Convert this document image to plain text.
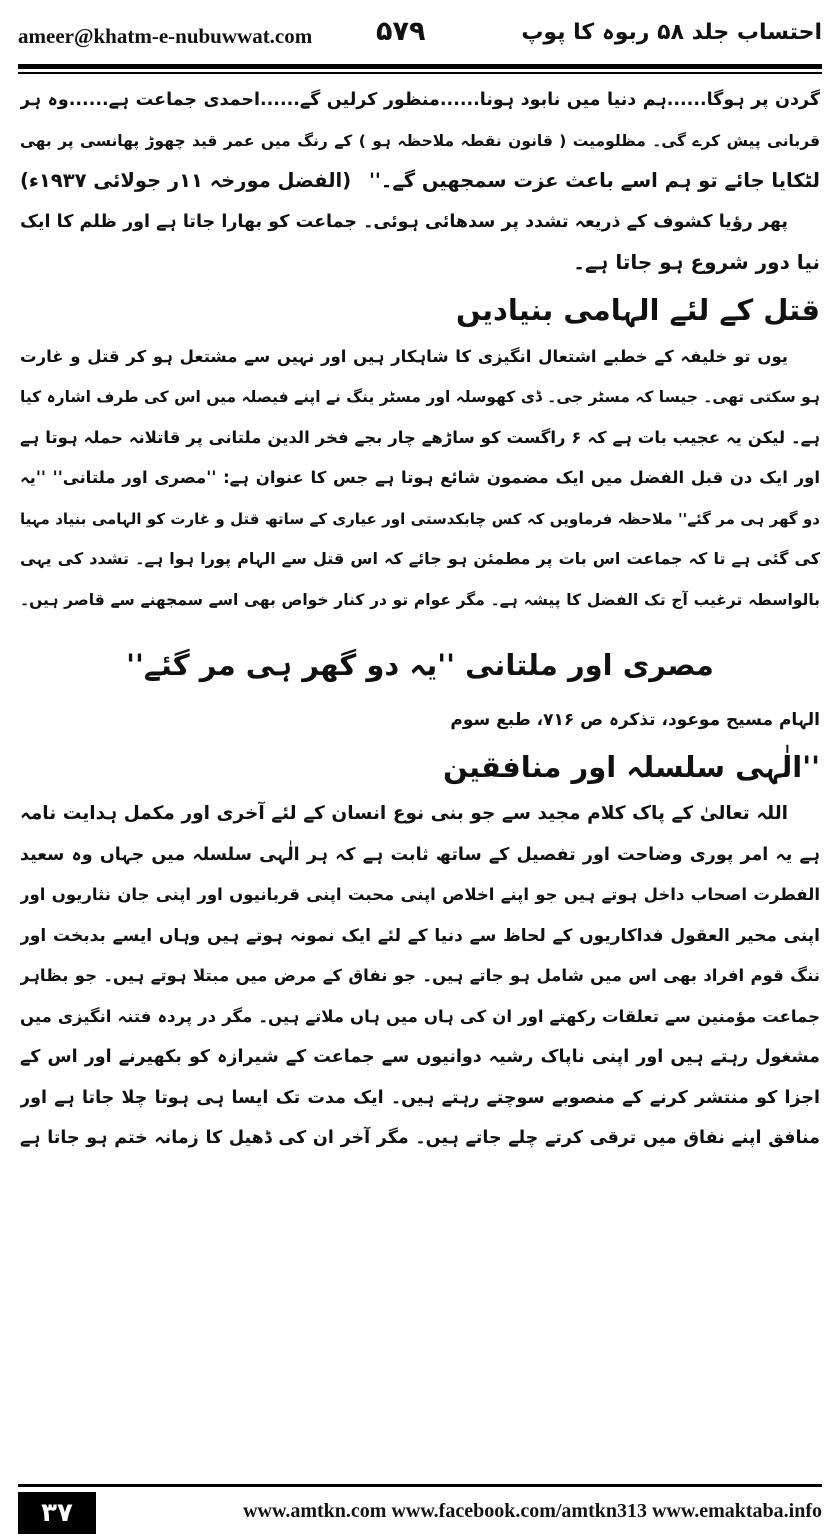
ameer@khatm-e-nubuwwat.com ۵۷۹	احتساب جلد ۵۸ ربوہ کا پوپ
گردن پر ہوگا......ہم دنیا میں نابود ہونا......منظور کرلیں گے......احمدی جماعت ہے......وہ ہر
قربانی پیش کرے گی۔ مظلومیت ( قانون نقطہ ملاحظہ ہو ) کے رنگ میں عمر قید چھوڑ پھانسی پر بھی
لٹکایا جائے تو ہم اسے باعث عزت سمجھیں گے۔''
(الفضل مورخہ ۱۱ر جولائی ۱۹۳۷ء)
پھر رؤیا کشوف کے ذریعہ تشدد پر سدھائی ہوئی۔ جماعت کو بھارا جاتا ہے اور ظلم کا ایک
نیا دور شروع ہو جاتا ہے۔
قتل کے لئے الہامی بنیادیں
یوں تو خلیفہ کے خطبے اشتعال انگیزی کا شاہکار ہیں اور نہیں سے مشتعل ہو کر قتل و غارت
ہو سکتی تھی۔ جیسا کہ مسٹر جی۔ ڈی کھوسلہ اور مسٹر ینگ نے اپنے فیصلہ میں اس کی طرف اشارہ کیا
ہے۔ لیکن یہ عجیب بات ہے کہ ۶ راگست کو ساڑھے چار بجے فخر الدین ملتانی پر قاتلانہ حملہ ہوتا ہے
اور ایک دن قبل الفضل میں ایک مضمون شائع ہوتا ہے جس کا عنوان ہے: ''مصری اور ملتانی'' ''یہ
دو گھر ہی مر گئے'' ملاحظہ فرماویں کہ کس چابکدستی اور عیاری کے ساتھ قتل و غارت کو الہامی بنیاد مہیا
کی گئی ہے تا کہ جماعت اس بات پر مطمئن ہو جائے کہ اس قتل سے الہام پورا ہوا ہے۔ تشدد کی یہی
بالواسطہ ترغیب آج تک الفضل کا پیشہ ہے۔ مگر عوام تو در کنار خواص بھی اسے سمجھنے سے قاصر ہیں۔
مصری اور ملتانی ''یہ دو گھر ہی مر گئے''
الہام مسیح موعود، تذکرہ ص ۷۱۶، طبع سوم
''الٰہی سلسلہ اور منافقین
اللہ تعالیٰ کے پاک کلام مجید سے جو بنی نوع انسان کے لئے آخری اور مکمل ہدایت نامہ
ہے یہ امر پوری وضاحت اور تفصیل کے ساتھ ثابت ہے کہ ہر الٰہی سلسلہ میں جہاں وہ سعید
الفطرت اصحاب داخل ہوتے ہیں جو اپنے اخلاص اپنی محبت اپنی قربانیوں اور اپنی جان نثاریوں اور
اپنی محیر العقول فداکاریوں کے لحاظ سے دنیا کے لئے ایک نمونہ ہوتے ہیں وہاں ایسے بدبخت اور
ننگ قوم افراد بھی اس میں شامل ہو جاتے ہیں۔ جو نفاق کے مرض میں مبتلا ہوتے ہیں۔ جو بظاہر
جماعت مؤمنین سے تعلقات رکھتے اور ان کی ہاں میں ہاں ملاتے ہیں۔ مگر در پردہ فتنہ انگیزی میں
مشغول رہتے ہیں اور اپنی ناپاک رشیہ دوانیوں سے جماعت کے شیرازہ کو بکھیرنے اور اس کے
اجزا کو منتشر کرنے کے منصوبے سوچتے رہتے ہیں۔ ایک مدت تک ایسا ہی ہوتا چلا جاتا ہے اور
منافق اپنے نفاق میں ترقی کرتے چلے جاتے ہیں۔ مگر آخر ان کی ڈھیل کا زمانہ ختم ہو جاتا ہے
۳۷	www.amtkn.com www.facebook.com/amtkn313 www.emaktaba.info
